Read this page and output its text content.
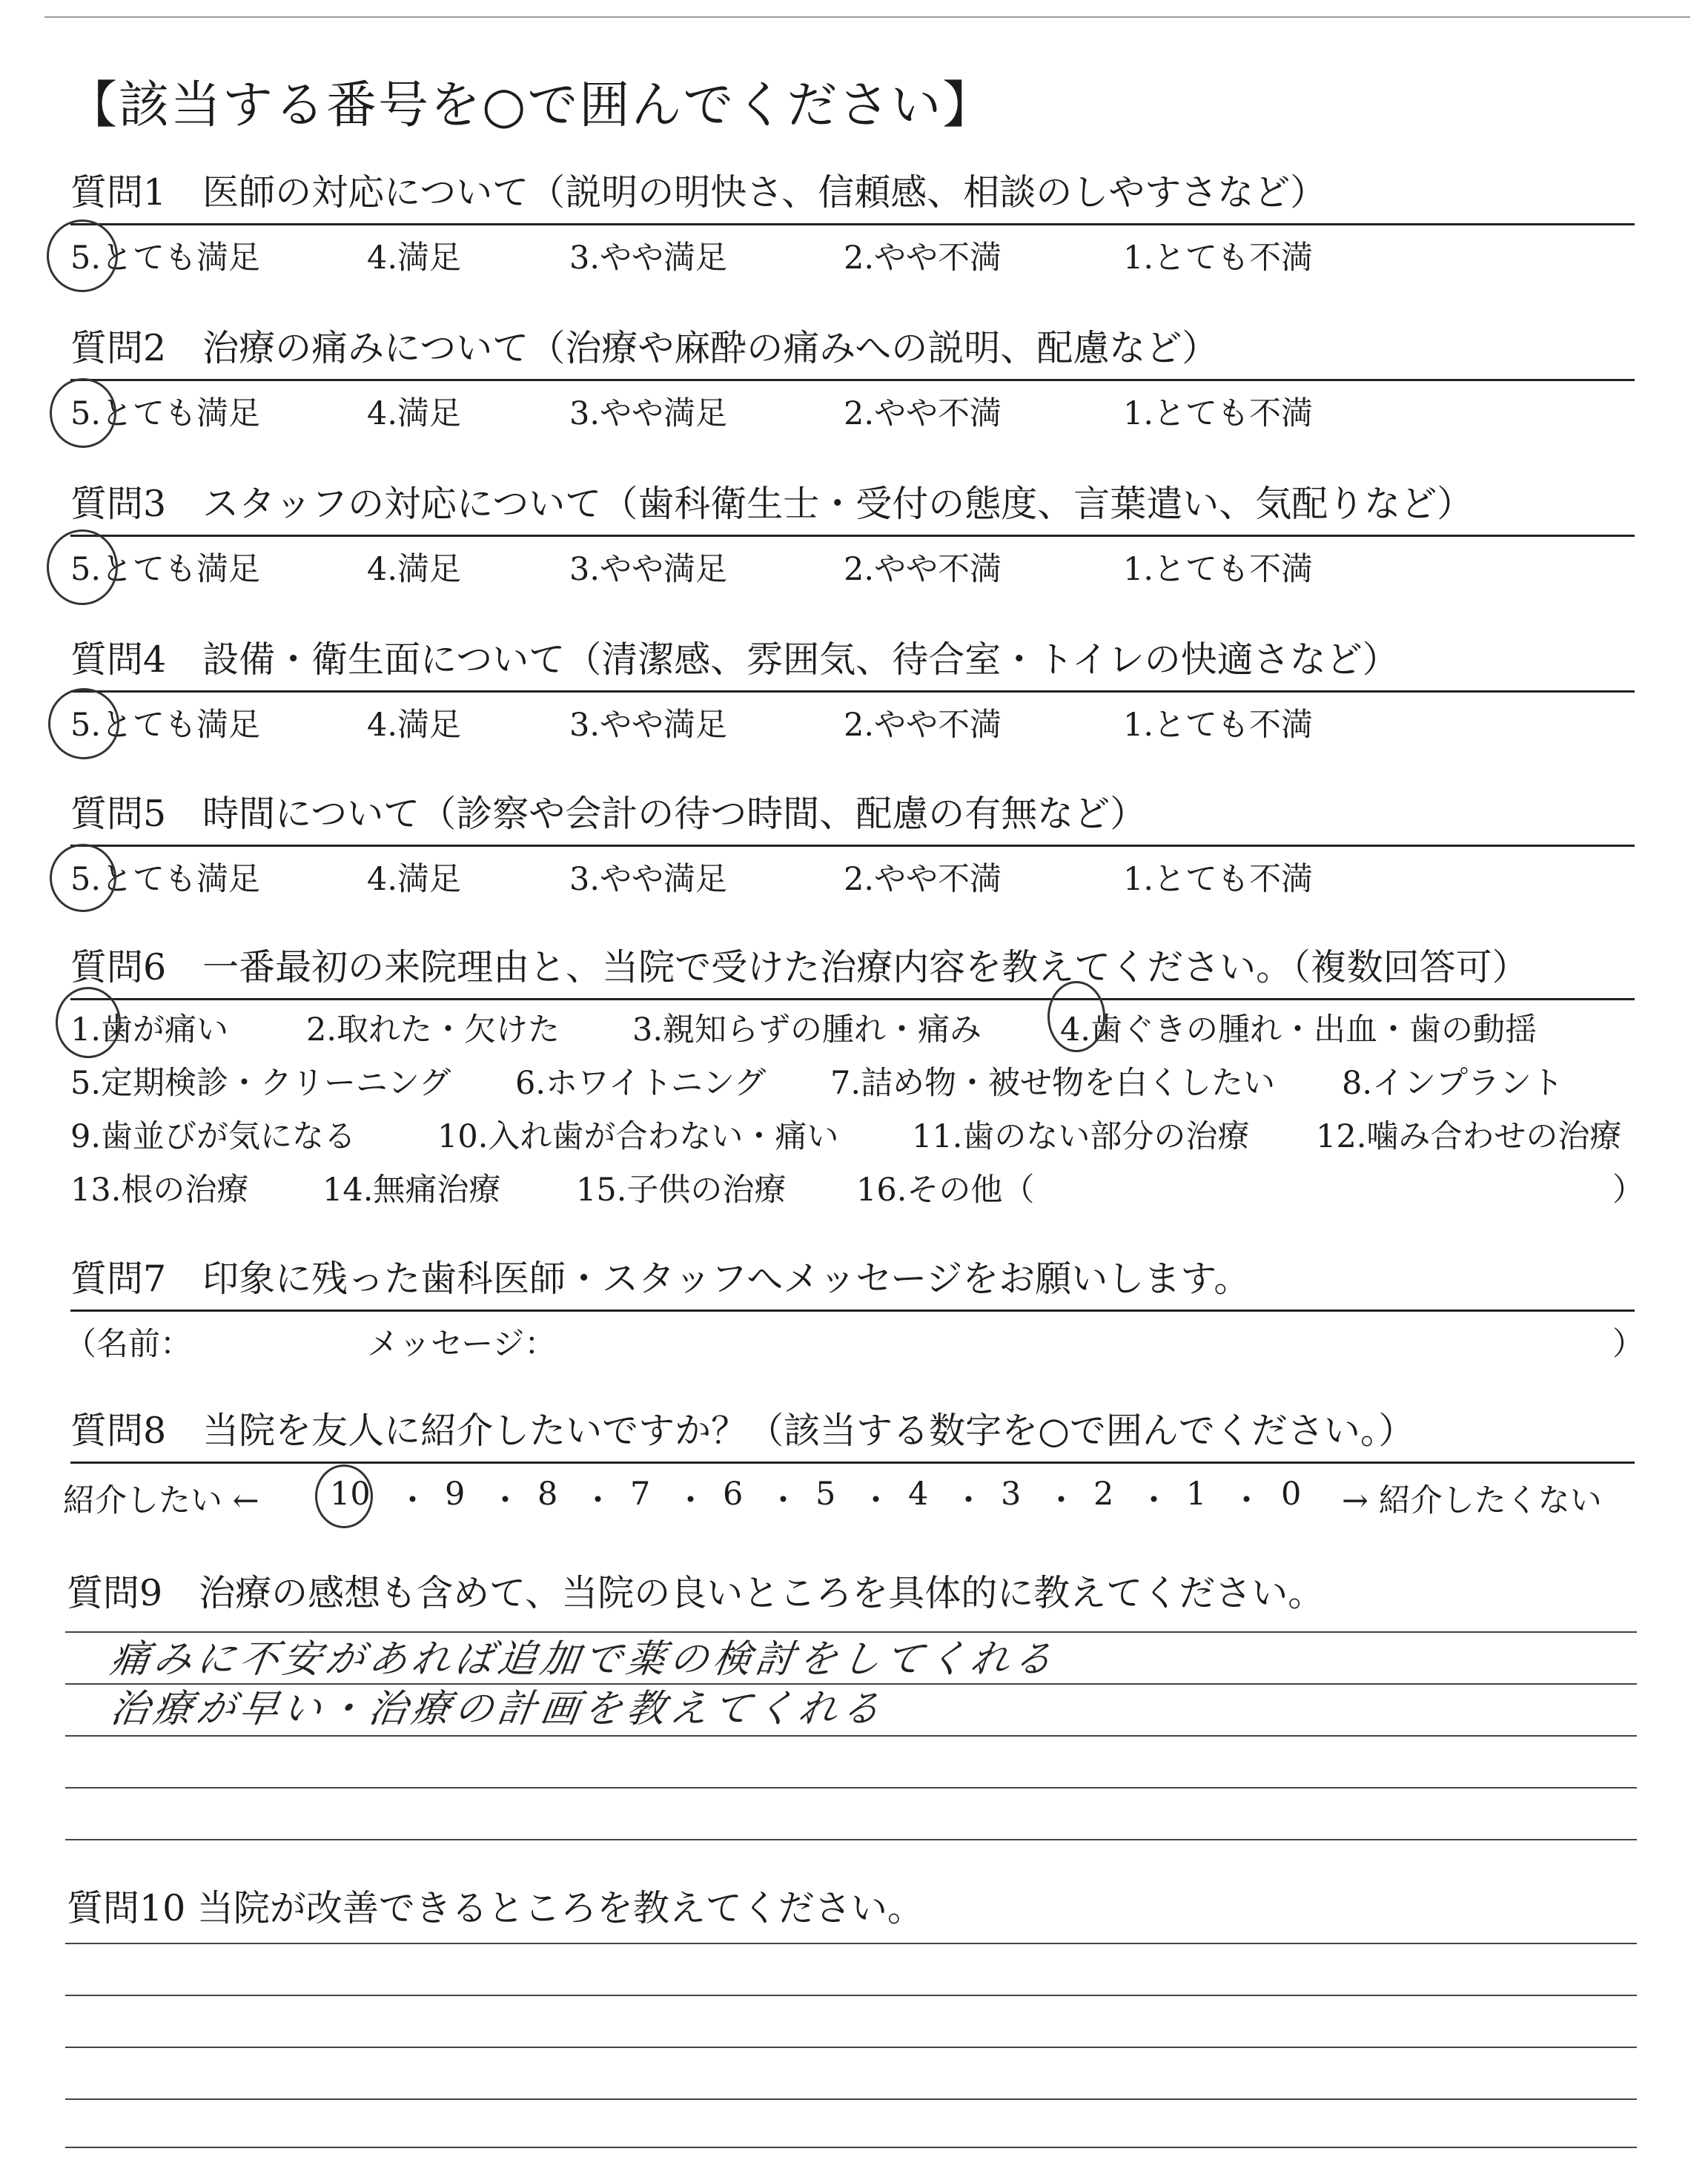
【該当する番号を○で囲んでください】
質問1　医師の対応について（説明の明快さ、信頼感、相談のしやすさなど）
5.とても満足	4.満足	3.やや満足	2.やや不満	1.とても不満
質問2　治療の痛みについて（治療や麻酔の痛みへの説明、配慮など）
5.とても満足	4.満足	3.やや満足	2.やや不満	1.とても不満
質問3　スタッフの対応について（歯科衛生士・受付の態度、言葉遣い、気配りなど）
5.とても満足	4.満足	3.やや満足	2.やや不満	1.とても不満
質問4　設備・衛生面について（清潔感、雰囲気、待合室・トイレの快適さなど）
5.とても満足	4.満足	3.やや満足	2.やや不満	1.とても不満
質問5　時間について（診察や会計の待つ時間、配慮の有無など）
5.とても満足	4.満足	3.やや満足	2.やや不満	1.とても不満
質問6　一番最初の来院理由と、当院で受けた治療内容を教えてください。（複数回答可）
1.歯が痛い 2.取れた・欠けた 3.親知らずの腫れ・痛み 4.歯ぐきの腫れ・出血・歯の動揺
5.定期検診・クリーニング 6.ホワイトニング 7.詰め物・被せ物を白くしたい 8.インプラント
9.歯並びが気になる	10.入れ歯が合わない・痛い 11.歯のない部分の治療 12.噛み合わせの治療
13.根の治療 14.無痛治療 15.子供の治療 16.その他（	）
質問7　印象に残った歯科医師・スタッフへメッセージをお願いします。
（名前：	メッセージ：	）
質問8　当院を友人に紹介したいですか？（該当する数字を○で囲んでください。）
紹介したい ← 10 ・ 9 ・ 8 ・ 7 ・ 6 ・ 5 ・ 4 ・ 3 ・ 2 ・ 1 ・ 0 → 紹介したくない
質問9　治療の感想も含めて、当院の良いところを具体的に教えてください。
痛みに不安があれば追加で薬の検討をしてくれる
治療が早い・治療の計画を教えてくれる
質問10 当院が改善できるところを教えてください。
